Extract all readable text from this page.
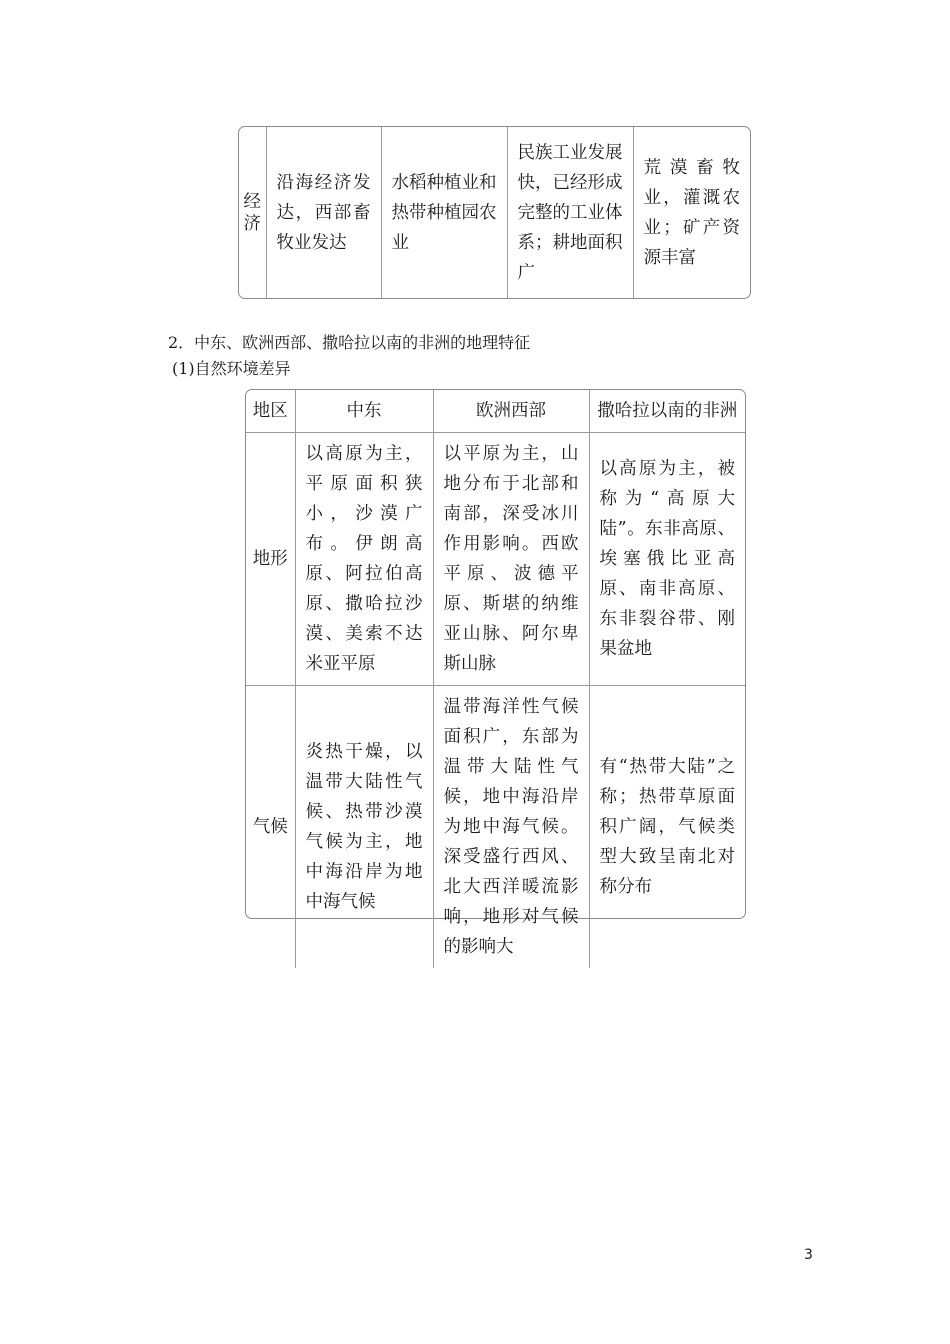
经济	沿海经济发达，西部畜牧业发达	水稻种植业和热带种植园农业	民族工业发展快，已经形成完整的工业体系；耕地面积广	荒漠畜牧业，灌溉农业；矿产资源丰富
2．中东、欧洲西部、撒哈拉以南的非洲的地理特征
(1)自然环境差异
地区	中东	欧洲西部	撒哈拉以南的非洲
地形	以高原为主，平原面积狭小，沙漠广布。伊朗高原、阿拉伯高原、撒哈拉沙漠、美索不达米亚平原	以平原为主，山地分布于北部和南部，深受冰川作用影响。西欧平原、波德平原、斯堪的纳维亚山脉、阿尔卑斯山脉	以高原为主，被称为“高原大陆”。东非高原、埃塞俄比亚高原、南非高原、东非裂谷带、刚果盆地
气候	炎热干燥，以温带大陆性气候、热带沙漠气候为主，地中海沿岸为地中海气候	温带海洋性气候面积广，东部为温带大陆性气候，地中海沿岸为地中海气候。深受盛行西风、北大西洋暖流影响，地形对气候的影响大	有“热带大陆”之称；热带草原面积广阔，气候类型大致呈南北对称分布
3
